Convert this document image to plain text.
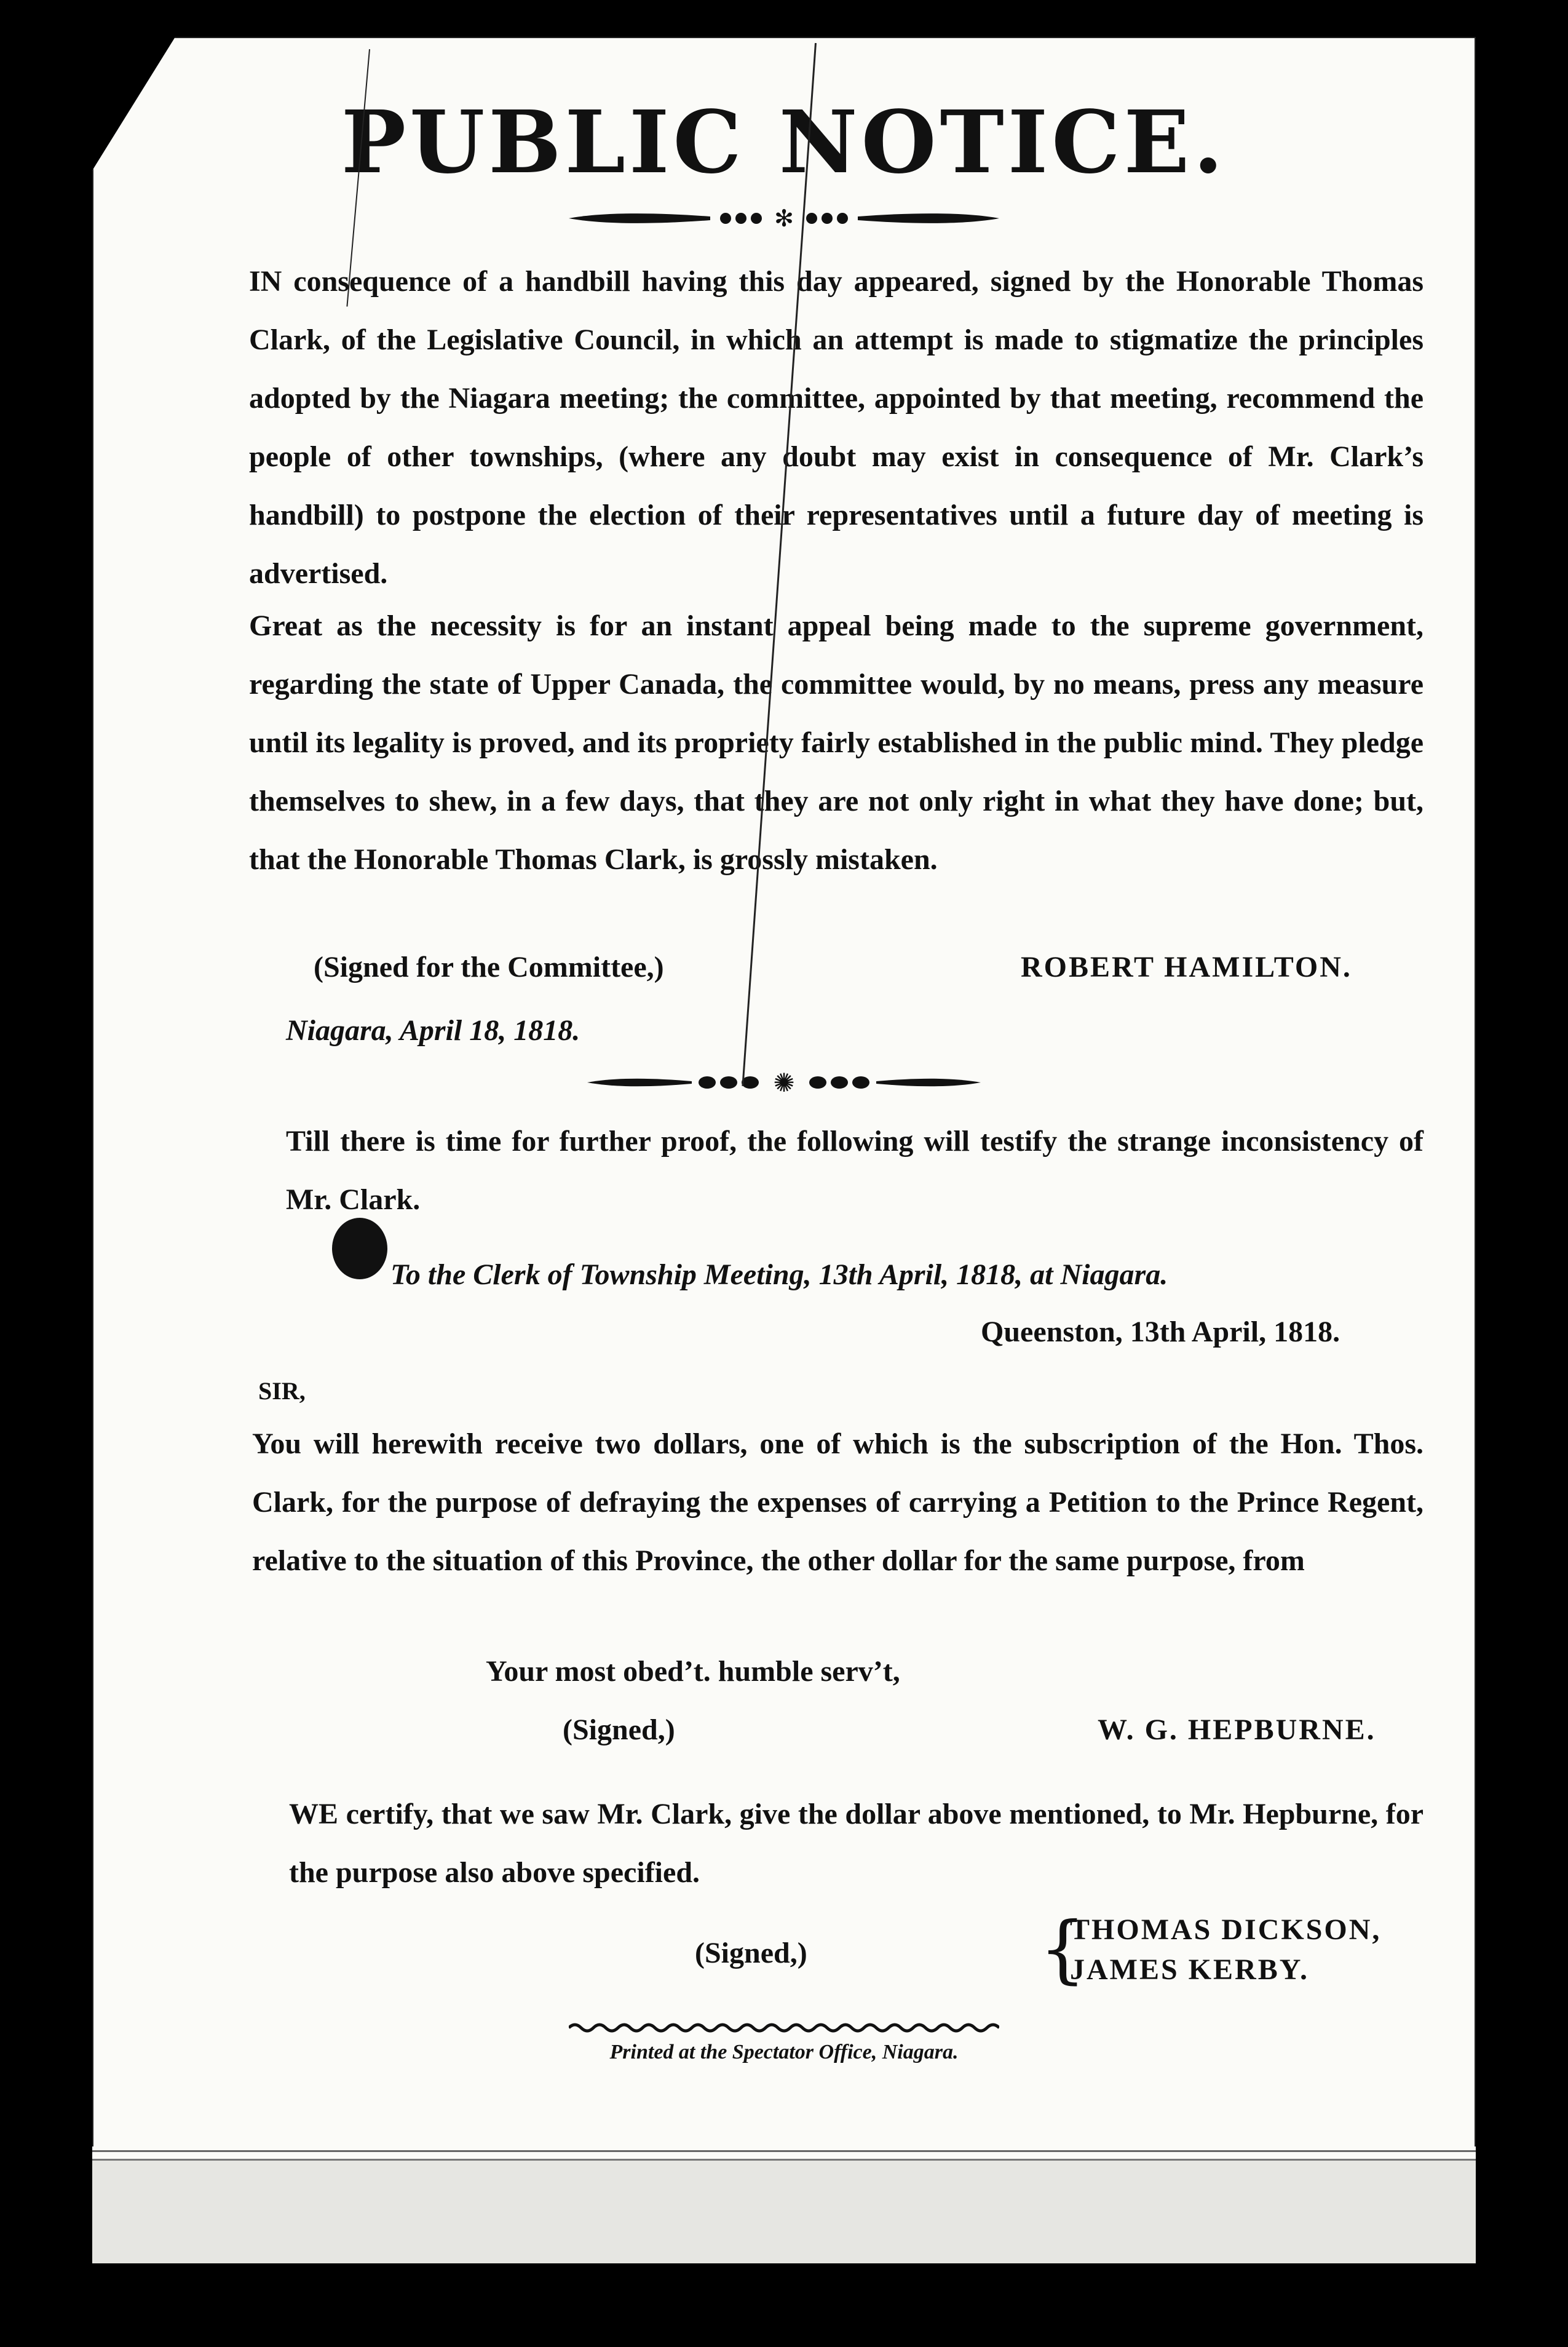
PUBLIC NOTICE.
✻
IN consequence of a handbill having this day appeared, signed by the Honorable Thomas Clark, of the Legislative Council, in which an attempt is made to stigmatize the principles adopted by the Niagara meeting; the committee, appointed by that meeting, recommend the people of other townships, (where any doubt may exist in consequence of Mr. Clark’s handbill) to postpone the election of their representatives until a future day of meeting is advertised.
Great as the necessity is for an instant appeal being made to the supreme government, regarding the state of Upper Canada, the committee would, by no means, press any measure until its legality is proved, and its propriety fairly established in the public mind. They pledge themselves to shew, in a few days, that they are not only right in what they have done; but, that the Honorable Thomas Clark, is grossly mistaken.
(Signed for the Committee,)	ROBERT HAMILTON.
Niagara, April 18, 1818.
✺
Till there is time for further proof, the following will testify the strange inconsistency of Mr. Clark.
To the Clerk of Township Meeting, 13th April, 1818, at Niagara.
Queenston, 13th April, 1818.
SIR,
You will herewith receive two dollars, one of which is the subscription of the Hon. Thos. Clark, for the purpose of defraying the expenses of carrying a Petition to the Prince Regent, relative to the situation of this Province, the other dollar for the same purpose, from
Your most obed’t. humble serv’t,
(Signed,)	W. G. HEPBURNE.
WE certify, that we saw Mr. Clark, give the dollar above mentioned, to Mr. Hepburne, for the purpose also above specified.
(Signed,)	{
THOMAS DICKSON,
JAMES KERBY.
Printed at the Spectator Office, Niagara.
